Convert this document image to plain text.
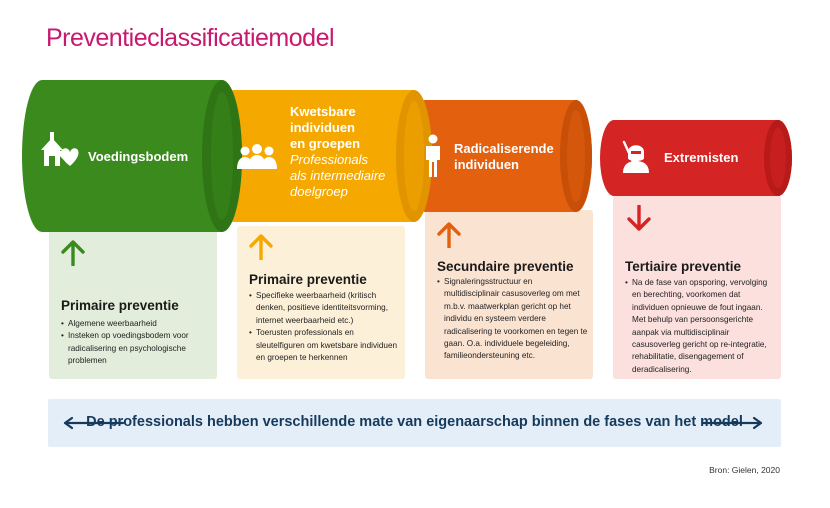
Preventieclassificatiemodel
Primaire preventie
• Algemene weerbaarheid
• Insteken op voedingsbodem voor radicalisering en psychologische problemen
Primaire preventie
• Specifieke weerbaarheid (kritisch denken, positieve identiteitsvorming, internet weerbaarheid etc.)
• Toerusten professionals en sleutelfiguren om kwetsbare individuen en groepen te herkennen
Secundaire preventie
• Signaleringsstructuur en multidisciplinair casusoverleg om met m.b.v. maatwerkplan gericht op het individu en systeem verdere radicalisering te voorkomen en tegen te gaan. O.a. individuele begeleiding, familieondersteuning etc.
Tertiaire preventie
• Na de fase van opsporing, vervolging en berechting, voorkomen dat individuen opnieuwe de fout ingaan. Met behulp van persoonsgerichte aanpak via multidisciplinair casusoverleg gericht op re-integratie, rehabilitatie, disengagement of deradicalisering.
Voedingsbodem
Kwetsbare
individuen
en groepen
Professionals
als intermediaire
doelgroep
Radicaliserende
individuen	Extremisten
De professionals hebben verschillende mate van eigenaarschap binnen de fases van het model
Bron: Gielen, 2020
